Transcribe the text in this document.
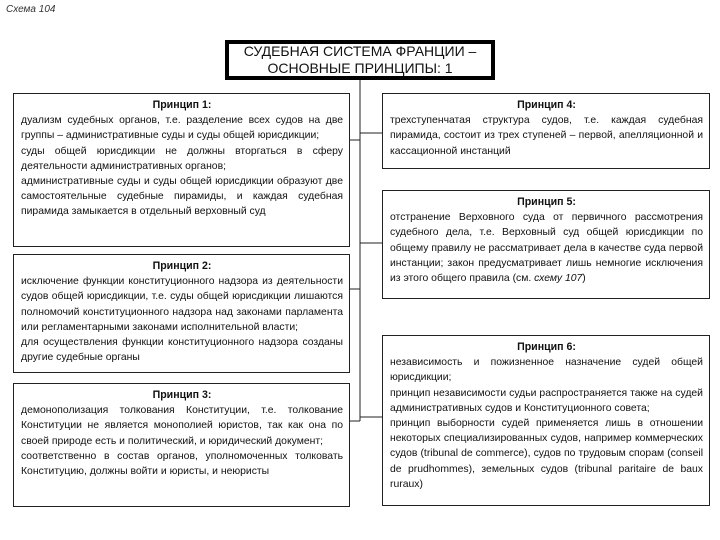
Схема 104
СУДЕБНАЯ СИСТЕМА ФРАНЦИИ –
ОСНОВНЫЕ ПРИНЦИПЫ: 1
Принцип 1:

дуализм судебных органов, т.е. разделение всех судов на две группы – административные суды и суды общей юрисдикции;

суды общей юрисдикции не должны вторгаться в сферу деятельности административных органов;

административные суды и суды общей юрисдикции образуют две самостоятельные судебные пирамиды, и каждая судебная пирамида замыкается в отдельный верховный суд

Принцип 2:

исключение функции конституционного надзора из деятельности судов общей юрисдикции, т.е. суды общей юрисдикции лишаются полномочий конституционного надзора над законами парламента или регламентарными законами исполнительной власти;

для осуществления функции конституционного надзора созданы другие судебные органы

Принцип 3:

демонополизация толкования Конституции, т.е. толкование Конституции не является монополией юристов, так как она по своей природе есть и политический, и юридический документ;

соответственно в состав органов, уполномоченных толковать Конституцию, должны войти и юристы, и неюристы

Принцип 4:

трехступенчатая структура судов, т.е. каждая судебная пирамида, состоит из трех ступеней – первой, апелляционной и кассационной инстанций

Принцип 5:

отстранение Верховного суда от первичного рассмотрения судебного дела, т.е. Верховный суд общей юрисдикции по общему правилу не рассматривает дела в качестве суда первой инстанции; закон предусматривает лишь немногие исключения из этого общего правила (см. схему 107)

Принцип 6:

независимость и пожизненное назначение судей общей юрисдикции;

принцип независимости судьи распространяется также на судей административных судов и Конституционного совета;

принцип выборности судей применяется лишь в отношении некоторых специализированных судов, например коммерческих судов (tribunal de commerce), судов по трудовым спорам (conseil de prudhommes), земельных судов (tribunal paritaire de baux ruraux)
